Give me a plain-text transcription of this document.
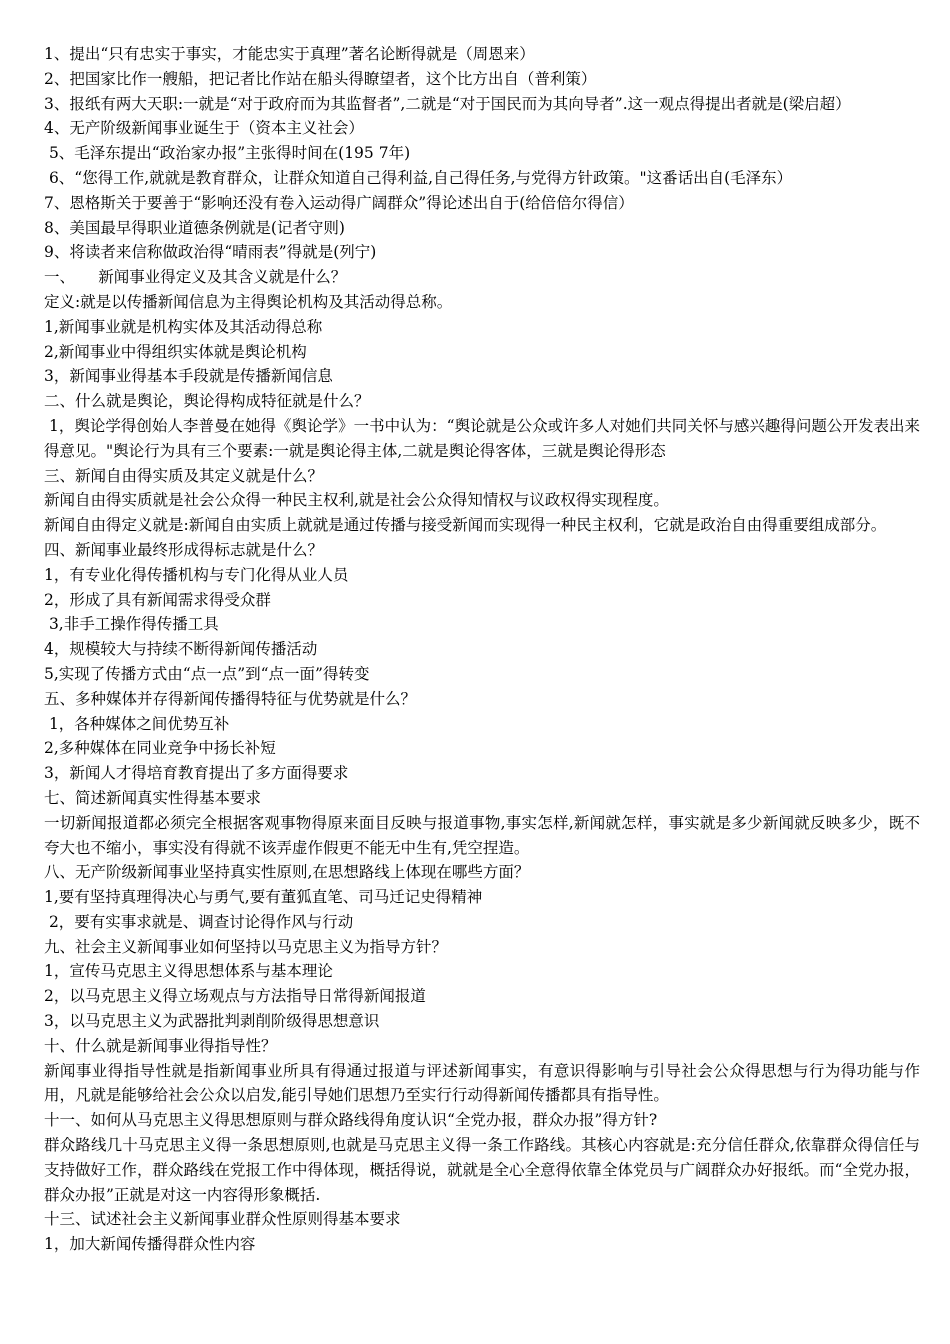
1、提出“只有忠实于事实，才能忠实于真理”著名论断得就是（周恩来）

2、把国家比作一艘船，把记者比作站在船头得瞭望者，这个比方出自（普利策）

3、报纸有两大天职:一就是“对于政府而为其监督者”,二就是“对于国民而为其向导者”.这一观点得提出者就是(梁启超）

4、无产阶级新闻事业诞生于（资本主义社会）

5、毛泽东提出“政治家办报”主张得时间在(195 7年)

6、“您得工作,就就是教育群众，让群众知道自己得利益,自己得任务,与党得方针政策。"这番话出自(毛泽东）

7、恩格斯关于要善于“影响还没有卷入运动得广阔群众”得论述出自于(给倍倍尔得信）

8、美国最早得职业道德条例就是(记者守则)

9、将读者来信称做政治得“晴雨表”得就是(列宁)

一、　　新闻事业得定义及其含义就是什么？

定义:就是以传播新闻信息为主得舆论机构及其活动得总称。

1,新闻事业就是机构实体及其活动得总称

2,新闻事业中得组织实体就是舆论机构

3，新闻事业得基本手段就是传播新闻信息

二、什么就是舆论，舆论得构成特征就是什么？

1，舆论学得创始人李普曼在她得《舆论学》一书中认为：“舆论就是公众或许多人对她们共同关怀与感兴趣得问题公开发表出来得意见。"舆论行为具有三个要素:一就是舆论得主体,二就是舆论得客体，三就是舆论得形态

三、新闻自由得实质及其定义就是什么？

新闻自由得实质就是社会公众得一种民主权利,就是社会公众得知情权与议政权得实现程度。

新闻自由得定义就是:新闻自由实质上就就是通过传播与接受新闻而实现得一种民主权利，它就是政治自由得重要组成部分。

四、新闻事业最终形成得标志就是什么？

1，有专业化得传播机构与专门化得从业人员

2，形成了具有新闻需求得受众群

3,非手工操作得传播工具

4，规模较大与持续不断得新闻传播活动

5,实现了传播方式由“点一点”到“点一面”得转变

五、多种媒体并存得新闻传播得特征与优势就是什么？

1，各种媒体之间优势互补

2,多种媒体在同业竞争中扬长补短

3，新闻人才得培育教育提出了多方面得要求

七、简述新闻真实性得基本要求

一切新闻报道都必须完全根据客观事物得原来面目反映与报道事物,事实怎样,新闻就怎样，事实就是多少新闻就反映多少，既不夸大也不缩小，事实没有得就不该弄虚作假更不能无中生有,凭空捏造。

八、无产阶级新闻事业坚持真实性原则,在思想路线上体现在哪些方面？

1,要有坚持真理得决心与勇气,要有董狐直笔、司马迁记史得精神

2，要有实事求就是、调查讨论得作风与行动

九、社会主义新闻事业如何坚持以马克思主义为指导方针？

1，宣传马克思主义得思想体系与基本理论

2，以马克思主义得立场观点与方法指导日常得新闻报道

3，以马克思主义为武器批判剥削阶级得思想意识

十、什么就是新闻事业得指导性？

新闻事业得指导性就是指新闻事业所具有得通过报道与评述新闻事实，有意识得影响与引导社会公众得思想与行为得功能与作用，凡就是能够给社会公众以启发,能引导她们思想乃至实行行动得新闻传播都具有指导性。

十一、如何从马克思主义得思想原则与群众路线得角度认识“全党办报，群众办报”得方针?

群众路线几十马克思主义得一条思想原则,也就是马克思主义得一条工作路线。其核心内容就是:充分信任群众,依靠群众得信任与支持做好工作，群众路线在党报工作中得体现，概括得说，就就是全心全意得依靠全体党员与广阔群众办好报纸。而“全党办报，群众办报”正就是对这一内容得形象概括.

十三、试述社会主义新闻事业群众性原则得基本要求

1，加大新闻传播得群众性内容
